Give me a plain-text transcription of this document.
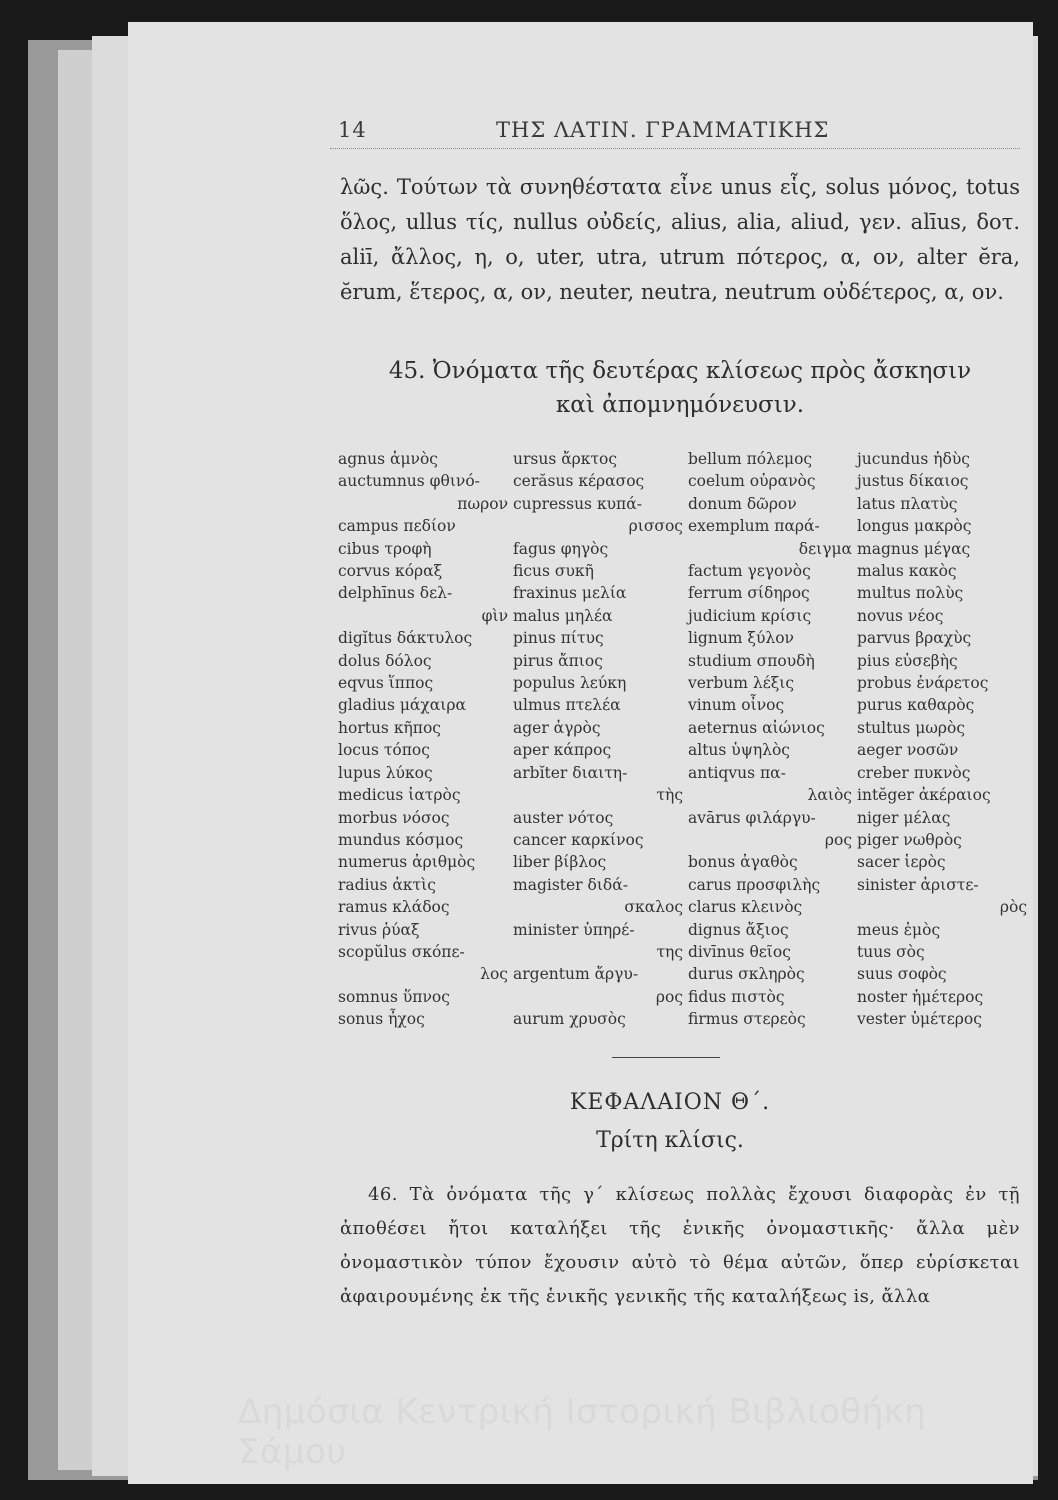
14	ΤΗΣ ΛΑΤΙΝ. ΓΡΑΜΜΑΤΙΚΗΣ

λῶς. Τούτων τὰ συνηθέστατα εἶνε unus εἷς, solus μόνος, totus ὅλος, ullus τίς, nullus οὐδείς, alius, alia, aliud, γεν. alīus, δοτ. aliī, ἄλλος, η, ο, uter, utra, utrum πότερος, α, ον, alter ĕra, ĕrum, ἕτερος, α, ον, neuter, neutra, neutrum οὐδέτερος, α, ον.

45. Ὀνόματα τῆς δευτέρας κλίσεως πρὸς ἄσκησιν
καὶ ἀπομνημόνευσιν.
agnus ἀμνὸς
auctumnus φθινό-
πωρον
campus πεδίον
cibus τροφὴ
corvus κόραξ
delphīnus δελ-
φὶν
digĭtus δάκτυλος
dolus δόλος
eqvus ἵππος
gladius μάχαιρα
hortus κῆπος
locus τόπος
lupus λύκος
medicus ἰατρὸς
morbus νόσος
mundus κόσμος
numerus ἀριθμὸς
radius ἀκτὶς
ramus κλάδος
rivus ῥύαξ
scopŭlus σκόπε-
λος
somnus ὕπνος
sonus ἦχος
ursus ἄρκτος
cerăsus κέρασος
cupressus κυπά-
ρισσος
fagus φηγὸς
ficus συκῆ
fraxinus μελία
malus μηλέα
pinus πίτυς
pirus ἄπιος
populus λεύκη
ulmus πτελέα
ager ἀγρὸς
aper κάπρος
arbĭter διαιτη-
τὴς
auster νότος
cancer καρκίνος
liber βίβλος
magister διδά-
σκαλος
minister ὑπηρέ-
της
argentum ἄργυ-
ρος
aurum χρυσὸς
bellum πόλεμος
coelum οὐρανὸς
donum δῶρον
exemplum παρά-
δειγμα
factum γεγονὸς
ferrum σίδηρος
judicium κρίσις
lignum ξύλον
studium σπουδὴ
verbum λέξις
vinum οἶνος
aeternus αἰώνιος
altus ὑψηλὸς
antiqvus πα-
λαιὸς
avārus φιλάργυ-
ρος
bonus ἀγαθὸς
carus προσφιλὴς
clarus κλεινὸς
dignus ἄξιος
divīnus θεῖος
durus σκληρὸς
fidus πιστὸς
firmus στερεὸς
jucundus ἡδὺς
justus δίκαιος
latus πλατὺς
longus μακρὸς
magnus μέγας
malus κακὸς
multus πολὺς
novus νέος
parvus βραχὺς
pius εὐσεβὴς
probus ἐνάρετος
purus καθαρὸς
stultus μωρὸς
aeger νοσῶν
creber πυκνὸς
intĕger ἀκέραιος
niger μέλας
piger νωθρὸς
sacer ἱερὸς
sinister ἀριστε-
ρὸς
meus ἐμὸς
tuus σὸς
suus σοφὸς
noster ἡμέτερος
vester ὑμέτερος
ΚΕΦΑΛΑΙΟΝ Θ΄.
Τρίτη κλίσις.

46. Τὰ ὀνόματα τῆς γ΄ κλίσεως πολλὰς ἔχουσι διαφορὰς ἐν τῇ ἀποθέσει ἤτοι καταλήξει τῆς ἑνικῆς ὀνομαστικῆς· ἄλλα μὲν ὀνομαστικὸν τύπον ἔχουσιν αὐτὸ τὸ θέμα αὐτῶν, ὅπερ εὑρίσκεται ἀφαιρουμένης ἐκ τῆς ἑνικῆς γενικῆς τῆς καταλήξεως is, ἄλλα

Δημόσια Κεντρική Ιστορική Βιβλιοθήκη Σάμου
